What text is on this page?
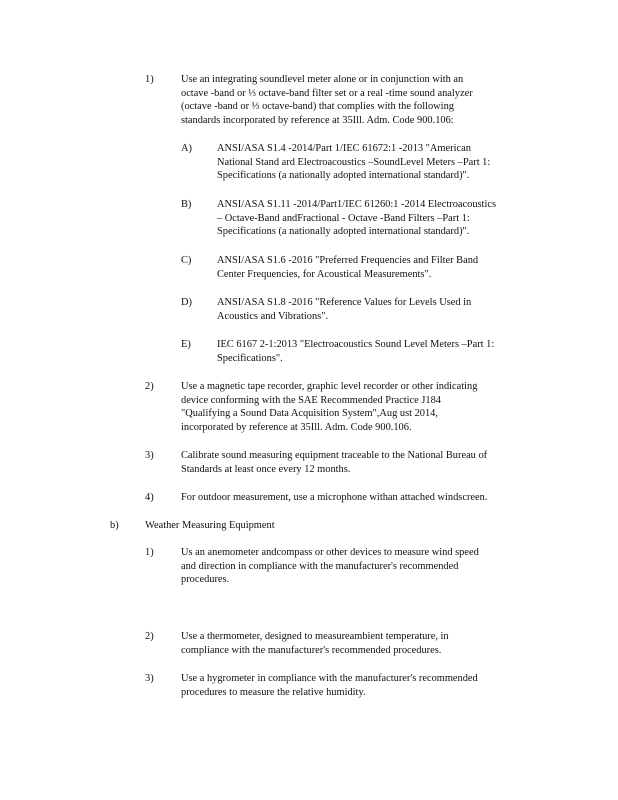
1)	Use an integrating soundlevel meter alone or in conjunction with an

octave -band or ⅓ octave-band filter set or a real -time sound analyzer

(octave -band or ⅓ octave-band) that complies with the following

standards incorporated by reference at 35Ill. Adm. Code 900.106:

A) ANSI/ASA S1.4 -2014/Part 1/IEC 61672:1 -2013 "American

National Stand ard Electroacoustics –SoundLevel Meters –Part 1:

Specifications (a nationally adopted international standard)".

B) ANSI/ASA S1.11 -2014/Part1/IEC 61260:1 -2014 Electroacoustics

– Octave-Band andFractional - Octave -Band Filters –Part 1:

Specifications (a nationally adopted international standard)".

C) ANSI/ASA S1.6 -2016 "Preferred Frequencies and Filter Band

Center Frequencies, for Acoustical Measurements".

D) ANSI/ASA S1.8 -2016 "Reference Values for Levels Used in

Acoustics and Vibrations".

E)	IEC 6167 2-1:2013 "Electroacoustics Sound Level Meters –Part 1:

Specifications".

2)	Use a magnetic tape recorder, graphic level recorder or other indicating

device conforming with the SAE Recommended Practice J184

"Qualifying a Sound Data Acquisition System",Aug ust 2014,

incorporated by reference at 35Ill. Adm. Code 900.106.

3)	Calibrate sound measuring equipment traceable to the National Bureau of

Standards at least once every 12 months.

4)	For outdoor measurement, use a microphone withan attached windscreen.

b)	Weather Measuring Equipment

1)	Us an anemometer andcompass or other devices to measure wind speed

and direction in compliance with the manufacturer's recommended

procedures.

2)	Use a thermometer, designed to measureambient temperature, in

compliance with the manufacturer's recommended procedures.

3)	Use a hygrometer in compliance with the manufacturer's recommended

procedures to measure the relative humidity.
